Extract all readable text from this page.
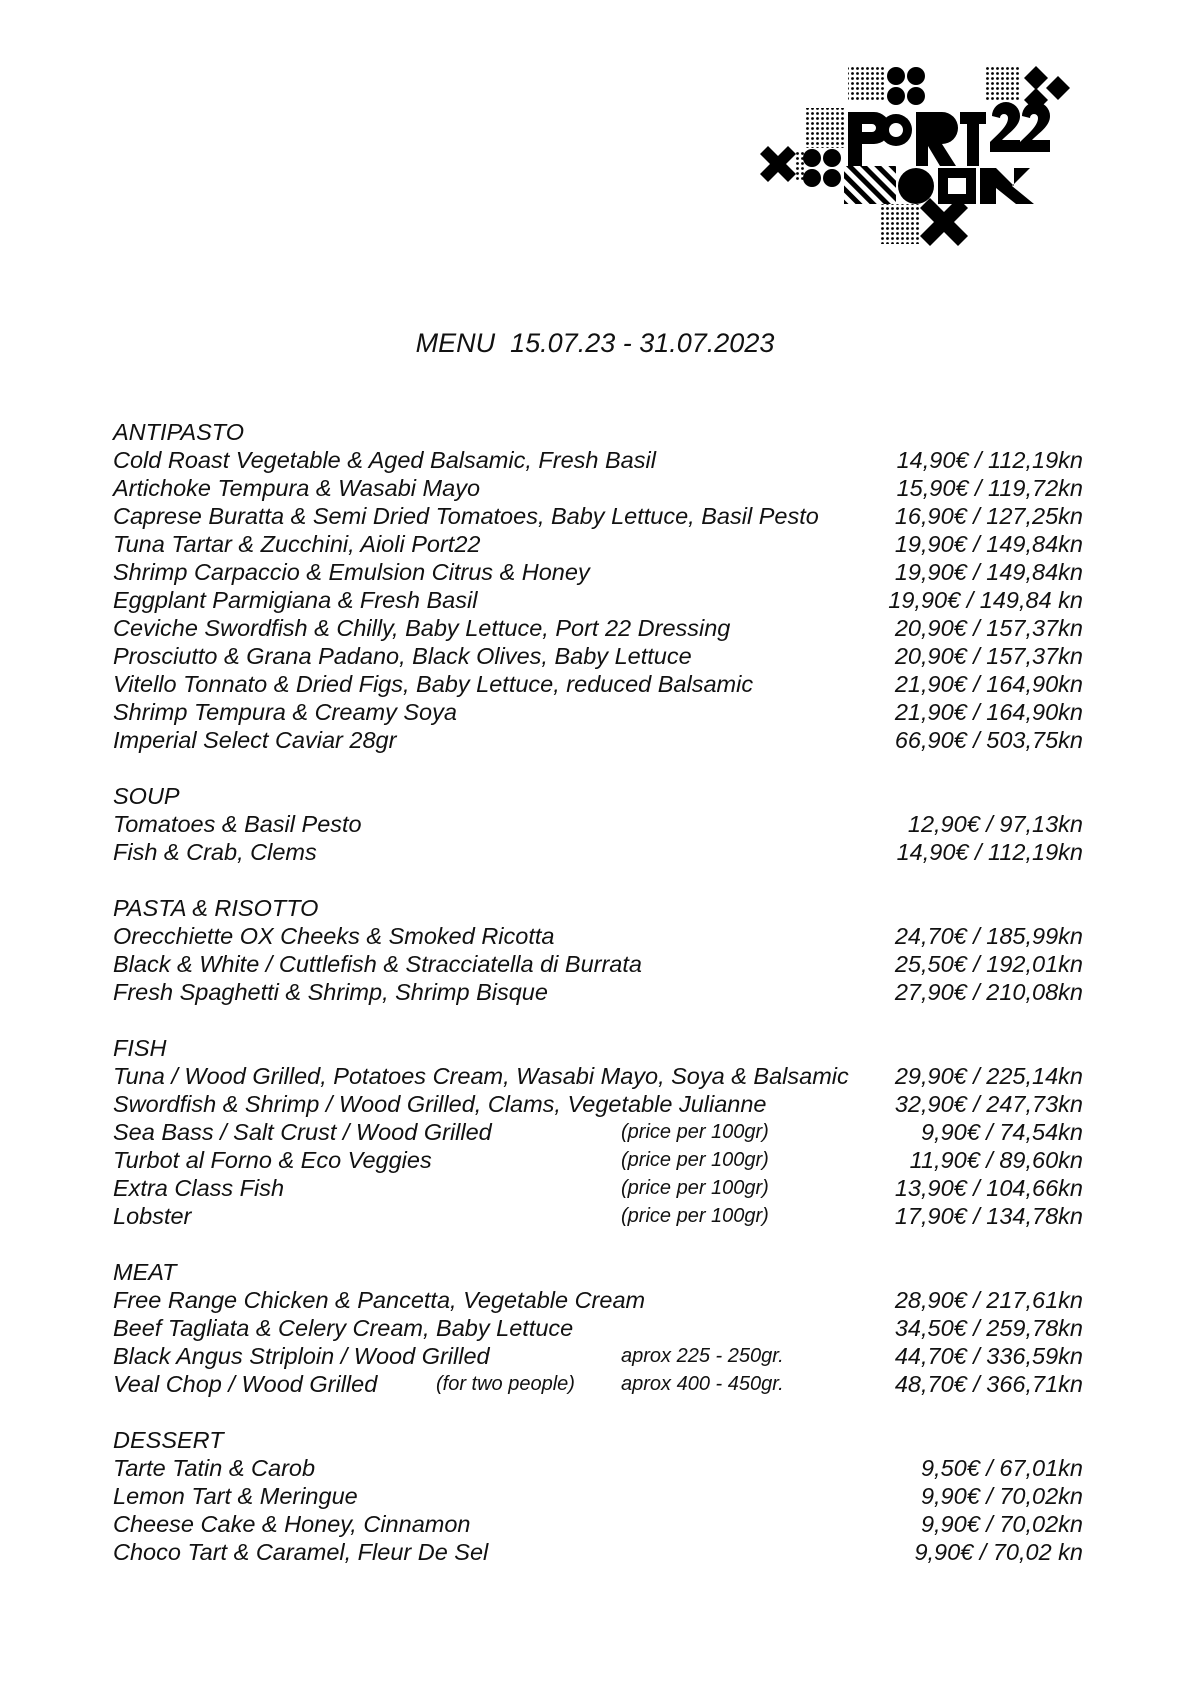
MENU  15.07.23 - 31.07.2023
ANTIPASTO
Cold Roast Vegetable & Aged Balsamic, Fresh Basil	14,90€ / 112,19kn
Artichoke Tempura & Wasabi Mayo	15,90€ / 119,72kn
Caprese Buratta & Semi Dried Tomatoes, Baby Lettuce, Basil Pesto	16,90€ / 127,25kn
Tuna Tartar & Zucchini, Aioli Port22	19,90€ / 149,84kn
Shrimp Carpaccio & Emulsion Citrus & Honey	19,90€ / 149,84kn
Eggplant Parmigiana & Fresh Basil	19,90€ / 149,84 kn
Ceviche Swordfish & Chilly, Baby Lettuce, Port 22 Dressing	20,90€ / 157,37kn
Prosciutto & Grana Padano, Black Olives, Baby Lettuce	20,90€ / 157,37kn
Vitello Tonnato & Dried Figs, Baby Lettuce, reduced Balsamic	21,90€ / 164,90kn
Shrimp Tempura & Creamy Soya	21,90€ / 164,90kn
Imperial Select Caviar 28gr	66,90€ / 503,75kn
SOUP
Tomatoes & Basil Pesto	12,90€ / 97,13kn
Fish & Crab, Clems	14,90€ / 112,19kn
PASTA & RISOTTO
Orecchiette OX Cheeks & Smoked Ricotta	24,70€ / 185,99kn
Black & White / Cuttlefish & Stracciatella di Burrata	25,50€ / 192,01kn
Fresh Spaghetti & Shrimp, Shrimp Bisque	27,90€ / 210,08kn
FISH
Tuna / Wood Grilled, Potatoes Cream, Wasabi Mayo, Soya & Balsamic 29,90€ / 225,14kn
Swordfish & Shrimp / Wood Grilled, Clams, Vegetable Julianne	32,90€ / 247,73kn
Sea Bass / Salt Crust / Wood Grilled	(price per 100gr)	9,90€ / 74,54kn
Turbot al Forno & Eco Veggies	(price per 100gr)	11,90€ / 89,60kn
Extra Class Fish	(price per 100gr)	13,90€ / 104,66kn
Lobster	(price per 100gr)	17,90€ / 134,78kn
MEAT
Free Range Chicken & Pancetta, Vegetable Cream	28,90€ / 217,61kn
Beef Tagliata & Celery Cream, Baby Lettuce	34,50€ / 259,78kn
Black Angus Striploin / Wood Grilled	aprox 225 - 250gr.	44,70€ / 336,59kn
Veal Chop / Wood Grilled	(for two people) aprox 400 - 450gr.	48,70€ / 366,71kn
DESSERT
Tarte Tatin & Carob	9,50€ / 67,01kn
Lemon Tart & Meringue	9,90€ / 70,02kn
Cheese Cake & Honey, Cinnamon	9,90€ / 70,02kn
Choco Tart & Caramel, Fleur De Sel	9,90€ / 70,02 kn
